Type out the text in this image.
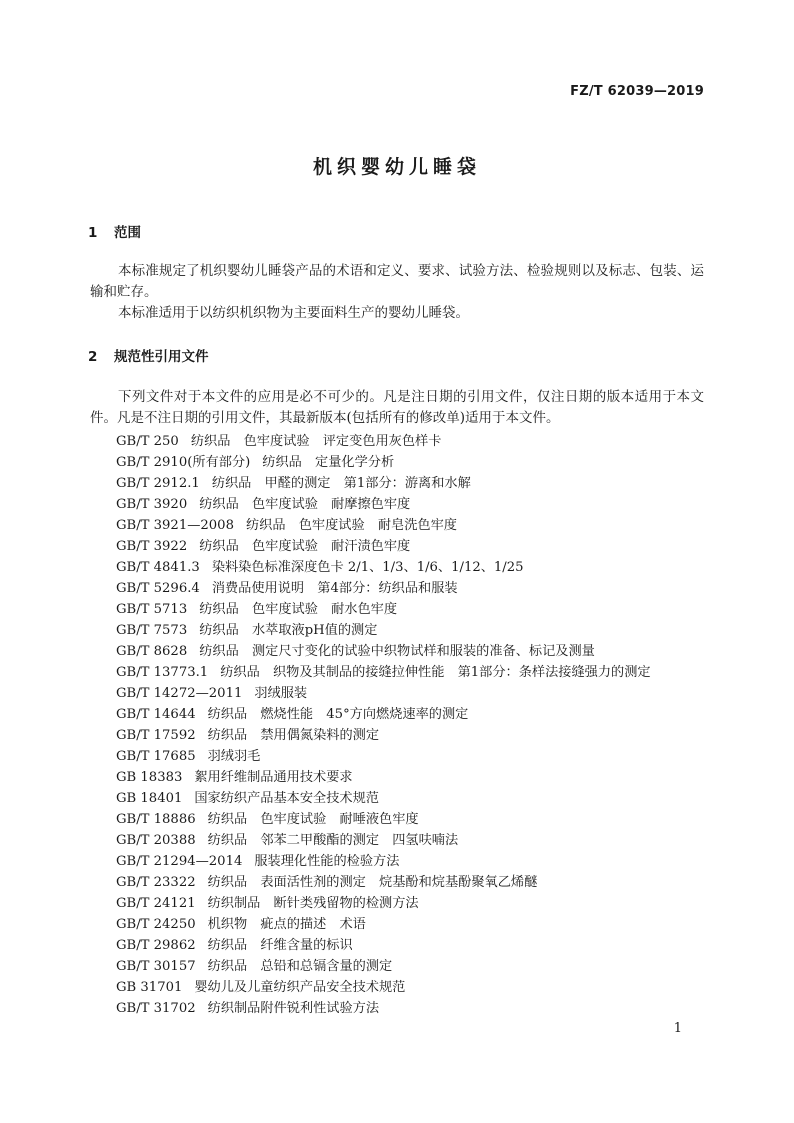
FZ/T 62039—2019
机织婴幼儿睡袋
1 范围
本标准规定了机织婴幼儿睡袋产品的术语和定义、要求、试验方法、检验规则以及标志、包装、运输和贮存。
本标准适用于以纺织机织物为主要面料生产的婴幼儿睡袋。
2 规范性引用文件
下列文件对于本文件的应用是必不可少的。凡是注日期的引用文件，仅注日期的版本适用于本文件。凡是不注日期的引用文件，其最新版本(包括所有的修改单)适用于本文件。
GB/T 250 纺织品　色牢度试验　评定变色用灰色样卡
GB/T 2910(所有部分) 纺织品　定量化学分析
GB/T 2912.1 纺织品　甲醛的测定　第1部分：游离和水解
GB/T 3920 纺织品　色牢度试验　耐摩擦色牢度
GB/T 3921—2008 纺织品　色牢度试验　耐皂洗色牢度
GB/T 3922 纺织品　色牢度试验　耐汗渍色牢度
GB/T 4841.3 染料染色标准深度色卡 2/1、1/3、1/6、1/12、1/25
GB/T 5296.4 消费品使用说明　第4部分：纺织品和服装
GB/T 5713 纺织品　色牢度试验　耐水色牢度
GB/T 7573 纺织品　水萃取液pH值的测定
GB/T 8628 纺织品　测定尺寸变化的试验中织物试样和服装的准备、标记及测量
GB/T 13773.1 纺织品　织物及其制品的接缝拉伸性能　第1部分：条样法接缝强力的测定
GB/T 14272—2011 羽绒服装
GB/T 14644 纺织品　燃烧性能　45°方向燃烧速率的测定
GB/T 17592 纺织品　禁用偶氮染料的测定
GB/T 17685 羽绒羽毛
GB 18383 絮用纤维制品通用技术要求
GB 18401 国家纺织产品基本安全技术规范
GB/T 18886 纺织品　色牢度试验　耐唾液色牢度
GB/T 20388 纺织品　邻苯二甲酸酯的测定　四氢呋喃法
GB/T 21294—2014 服装理化性能的检验方法
GB/T 23322 纺织品　表面活性剂的测定　烷基酚和烷基酚聚氧乙烯醚
GB/T 24121 纺织制品　断针类残留物的检测方法
GB/T 24250 机织物　疵点的描述　术语
GB/T 29862 纺织品　纤维含量的标识
GB/T 30157 纺织品　总铅和总镉含量的测定
GB 31701 婴幼儿及儿童纺织产品安全技术规范
GB/T 31702 纺织制品附件锐利性试验方法
1
